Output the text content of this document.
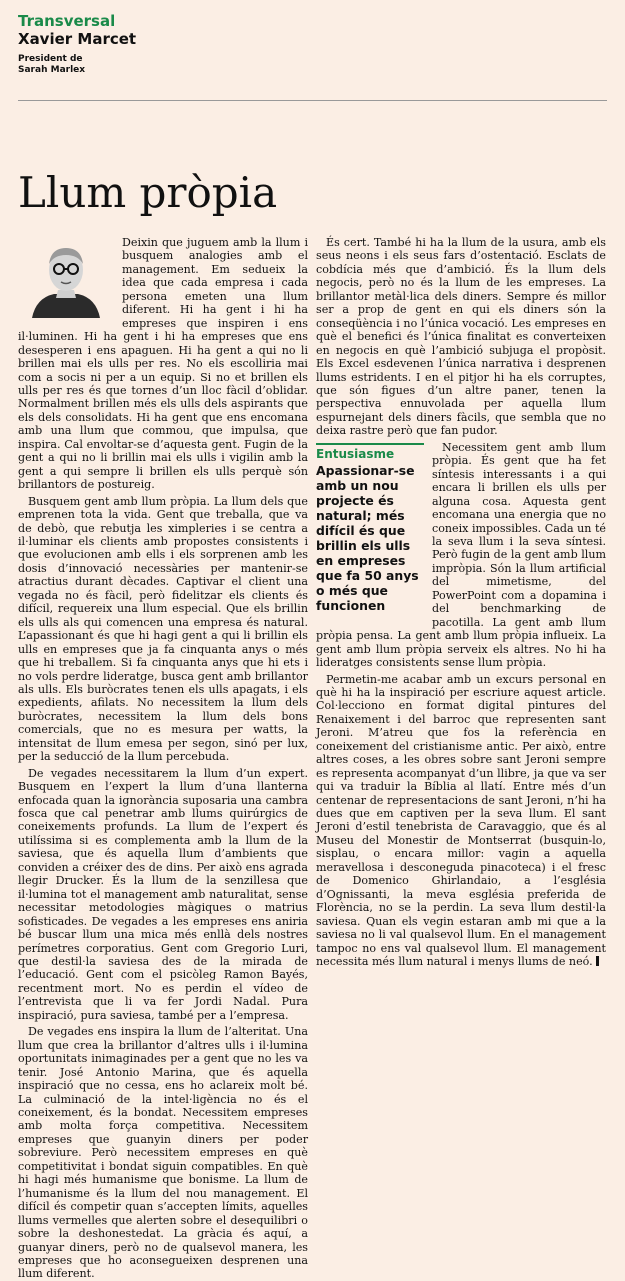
Transversal
Xavier Marcet
President de Sarah Marlex
Llum pròpia

Deixin que juguem amb la llum i busquem analogies amb el management. Em sedueix la idea que cada empresa i cada persona emeten una llum diferent. Hi ha gent i hi ha empreses que inspiren i ens il·luminen. Hi ha gent i hi ha empreses que ens desesperen i ens apaguen. Hi ha gent a qui no li brillen mai els ulls per res. No els escolliria mai com a socis ni per a un equip. Si no et brillen els ulls per res és que tornes d’un lloc fàcil d’oblidar. Normalment brillen més els ulls dels aspirants que els dels consolidats. Hi ha gent que ens encomana amb una llum que commou, que impulsa, que inspira. Cal envoltar-se d’aquesta gent. Fugin de la gent a qui no li brillin mai els ulls i vigilin amb la gent a qui sempre li brillen els ulls perquè són brillantors de postureig.

Busquem gent amb llum pròpia. La llum dels que emprenen tota la vida. Gent que treballa, que va de debò, que rebutja les ximpleries i se centra a il·luminar els clients amb propostes consistents i que evolucionen amb ells i els sorprenen amb les dosis d’innovació necessàries per mantenir-se atractius durant dècades. Captivar el client una vegada no és fàcil, però fidelitzar els clients és difícil, requereix una llum especial. Que els brillin els ulls als qui comencen una empresa és natural. L’apassionant és que hi hagi gent a qui li brillin els ulls en empreses que ja fa cinquanta anys o més que hi treballem. Si fa cinquanta anys que hi ets i no vols perdre lideratge, busca gent amb brillantor als ulls. Els buròcrates tenen els ulls apagats, i els expedients, afilats. No necessitem la llum dels buròcrates, necessitem la llum dels bons comercials, que no es mesura per watts, la intensitat de llum emesa per segon, sinó per lux, per la seducció de la llum percebuda.

De vegades necessitarem la llum d’un expert. Busquem en l’expert la llum d’una llanterna enfocada quan la ignorància suposaria una cambra fosca que cal penetrar amb llums quirúrgics de coneixements profunds. La llum de l’expert és utilíssima si es complementa amb la llum de la saviesa, que és aquella llum d’ambients que conviden a créixer des de dins. Per això ens agrada llegir Drucker. És la llum de la senzillesa que il·lumina tot el management amb naturalitat, sense necessitar metodologies màgiques o matrius sofisticades. De vegades a les empreses ens aniria bé buscar llum una mica més enllà dels nostres perímetres corporatius. Gent com Gregorio Luri, que destil·la saviesa des de la mirada de l’educació. Gent com el psicòleg Ramon Bayés, recentment mort. No es perdin el vídeo de l’entrevista que li va fer Jordi Nadal. Pura inspiració, pura saviesa, també per a l’empresa.

De vegades ens inspira la llum de l’alteritat. Una llum que crea la brillantor d’altres ulls i il·lumina oportunitats inimaginades per a gent que no les va tenir. José Antonio Marina, que és aquella inspiració que no cessa, ens ho aclareix molt bé. La culminació de la intel·ligència no és el coneixement, és la bondat. Necessitem empreses amb molta força competitiva. Necessitem empreses que guanyin diners per poder sobreviure. Però necessitem empreses en què competitivitat i bondat siguin compatibles. En què hi hagi més humanisme que bonisme. La llum de l’humanisme és la llum del nou management. El difícil és competir quan s’accepten límits, aquelles llums vermelles que alerten sobre el desequilibri o sobre la deshonestedat. La gràcia és aquí, a guanyar diners, però no de qualsevol manera, les empreses que ho aconsegueixen desprenen una llum diferent.

És cert. També hi ha la llum de la usura, amb els seus neons i els seus fars d’ostentació. Esclats de cobdícia més que d’ambició. És la llum dels negocis, però no és la llum de les empreses. La brillantor metàl·lica dels diners. Sempre és millor ser a prop de gent en qui els diners són la conseqüència i no l’única vocació. Les empreses en què el benefici és l’única finalitat es converteixen en negocis en què l’ambició subjuga el propòsit. Els Excel esdevenen l’única narrativa i desprenen llums estridents. I en el pitjor hi ha els corruptes, que són figues d’un altre paner, tenen la perspectiva ennuvolada per aquella llum espurnejant dels diners fàcils, que sembla que no deixa rastre però que fan pudor.

Entusiasme
Apassionar-se amb un nou projecte és natural; més difícil és que brillin els ulls en empreses que fa 50 anys o més que funcionen

Necessitem gent amb llum pròpia. És gent que ha fet síntesis interessants i a qui encara li brillen els ulls per alguna cosa. Aquesta gent encomana una energia que no coneix impossibles. Cada un té la seva llum i la seva síntesi. Però fugin de la gent amb llum impròpia. Són la llum artificial del mimetisme, del PowerPoint com a dopamina i del benchmarking de pacotilla. La gent amb llum pròpia pensa. La gent amb llum pròpia influeix. La gent amb llum pròpia serveix els altres. No hi ha lideratges consistents sense llum pròpia.

Permetin-me acabar amb un excurs personal en què hi ha la inspiració per escriure aquest article. Col·lecciono en format digital pintures del Renaixement i del barroc que representen sant Jeroni. M’atreu que fos la referència en coneixement del cristianisme antic. Per això, entre altres coses, a les obres sobre sant Jeroni sempre es representa acompanyat d’un llibre, ja que va ser qui va traduir la Bíblia al llatí. Entre més d’un centenar de representacions de sant Jeroni, n’hi ha dues que em captiven per la seva llum. El sant Jeroni d’estil tenebrista de Caravaggio, que és al Museu del Monestir de Montserrat (busquin-lo, sisplau, o encara millor: vagin a aquella meravellosa i desconeguda pinacoteca) i el fresc de Domenico Ghirlandaio, a l’església d’Ognissanti, la meva església preferida de Florència, no se la perdin. La seva llum destil·la saviesa. Quan els vegin estaran amb mi que a la saviesa no li val qualsevol llum. En el management tampoc no ens val qualsevol llum. El management necessita més llum natural i menys llums de neó.
